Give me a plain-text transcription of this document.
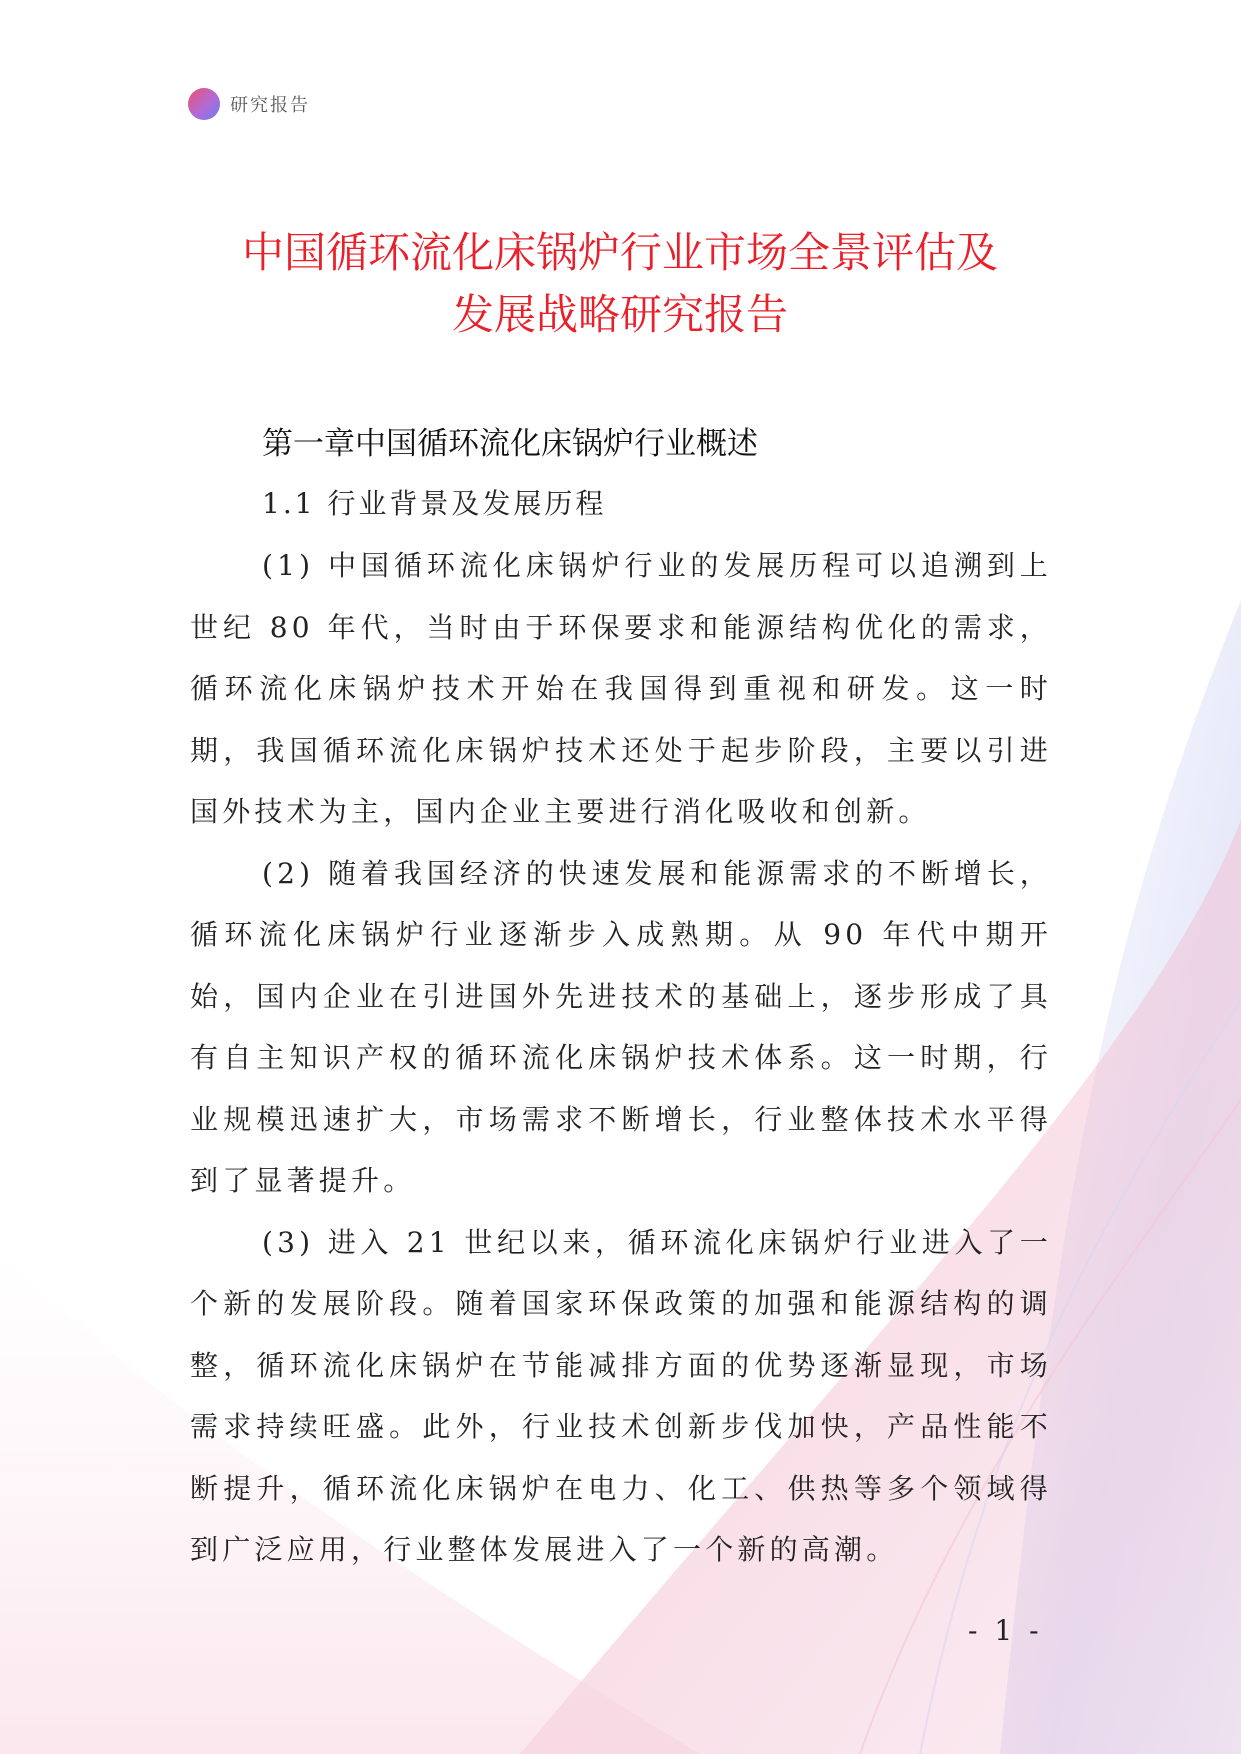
研究报告
中国循环流化床锅炉行业市场全景评估及
发展战略研究报告
第一章中国循环流化床锅炉行业概述
1.1 行业背景及发展历程

(1) 中国循环流化床锅炉行业的发展历程可以追溯到上世纪 80 年代，当时由于环保要求和能源结构优化的需求，循环流化床锅炉技术开始在我国得到重视和研发。这一时期，我国循环流化床锅炉技术还处于起步阶段，主要以引进国外技术为主，国内企业主要进行消化吸收和创新。

(2) 随着我国经济的快速发展和能源需求的不断增长，循环流化床锅炉行业逐渐步入成熟期。从 90 年代中期开始，国内企业在引进国外先进技术的基础上，逐步形成了具有自主知识产权的循环流化床锅炉技术体系。这一时期，行业规模迅速扩大，市场需求不断增长，行业整体技术水平得到了显著提升。

(3) 进入 21 世纪以来，循环流化床锅炉行业进入了一个新的发展阶段。随着国家环保政策的加强和能源结构的调整，循环流化床锅炉在节能减排方面的优势逐渐显现，市场需求持续旺盛。此外，行业技术创新步伐加快，产品性能不断提升，循环流化床锅炉在电力、化工、供热等多个领域得到广泛应用，行业整体发展进入了一个新的高潮。

- 1 -
